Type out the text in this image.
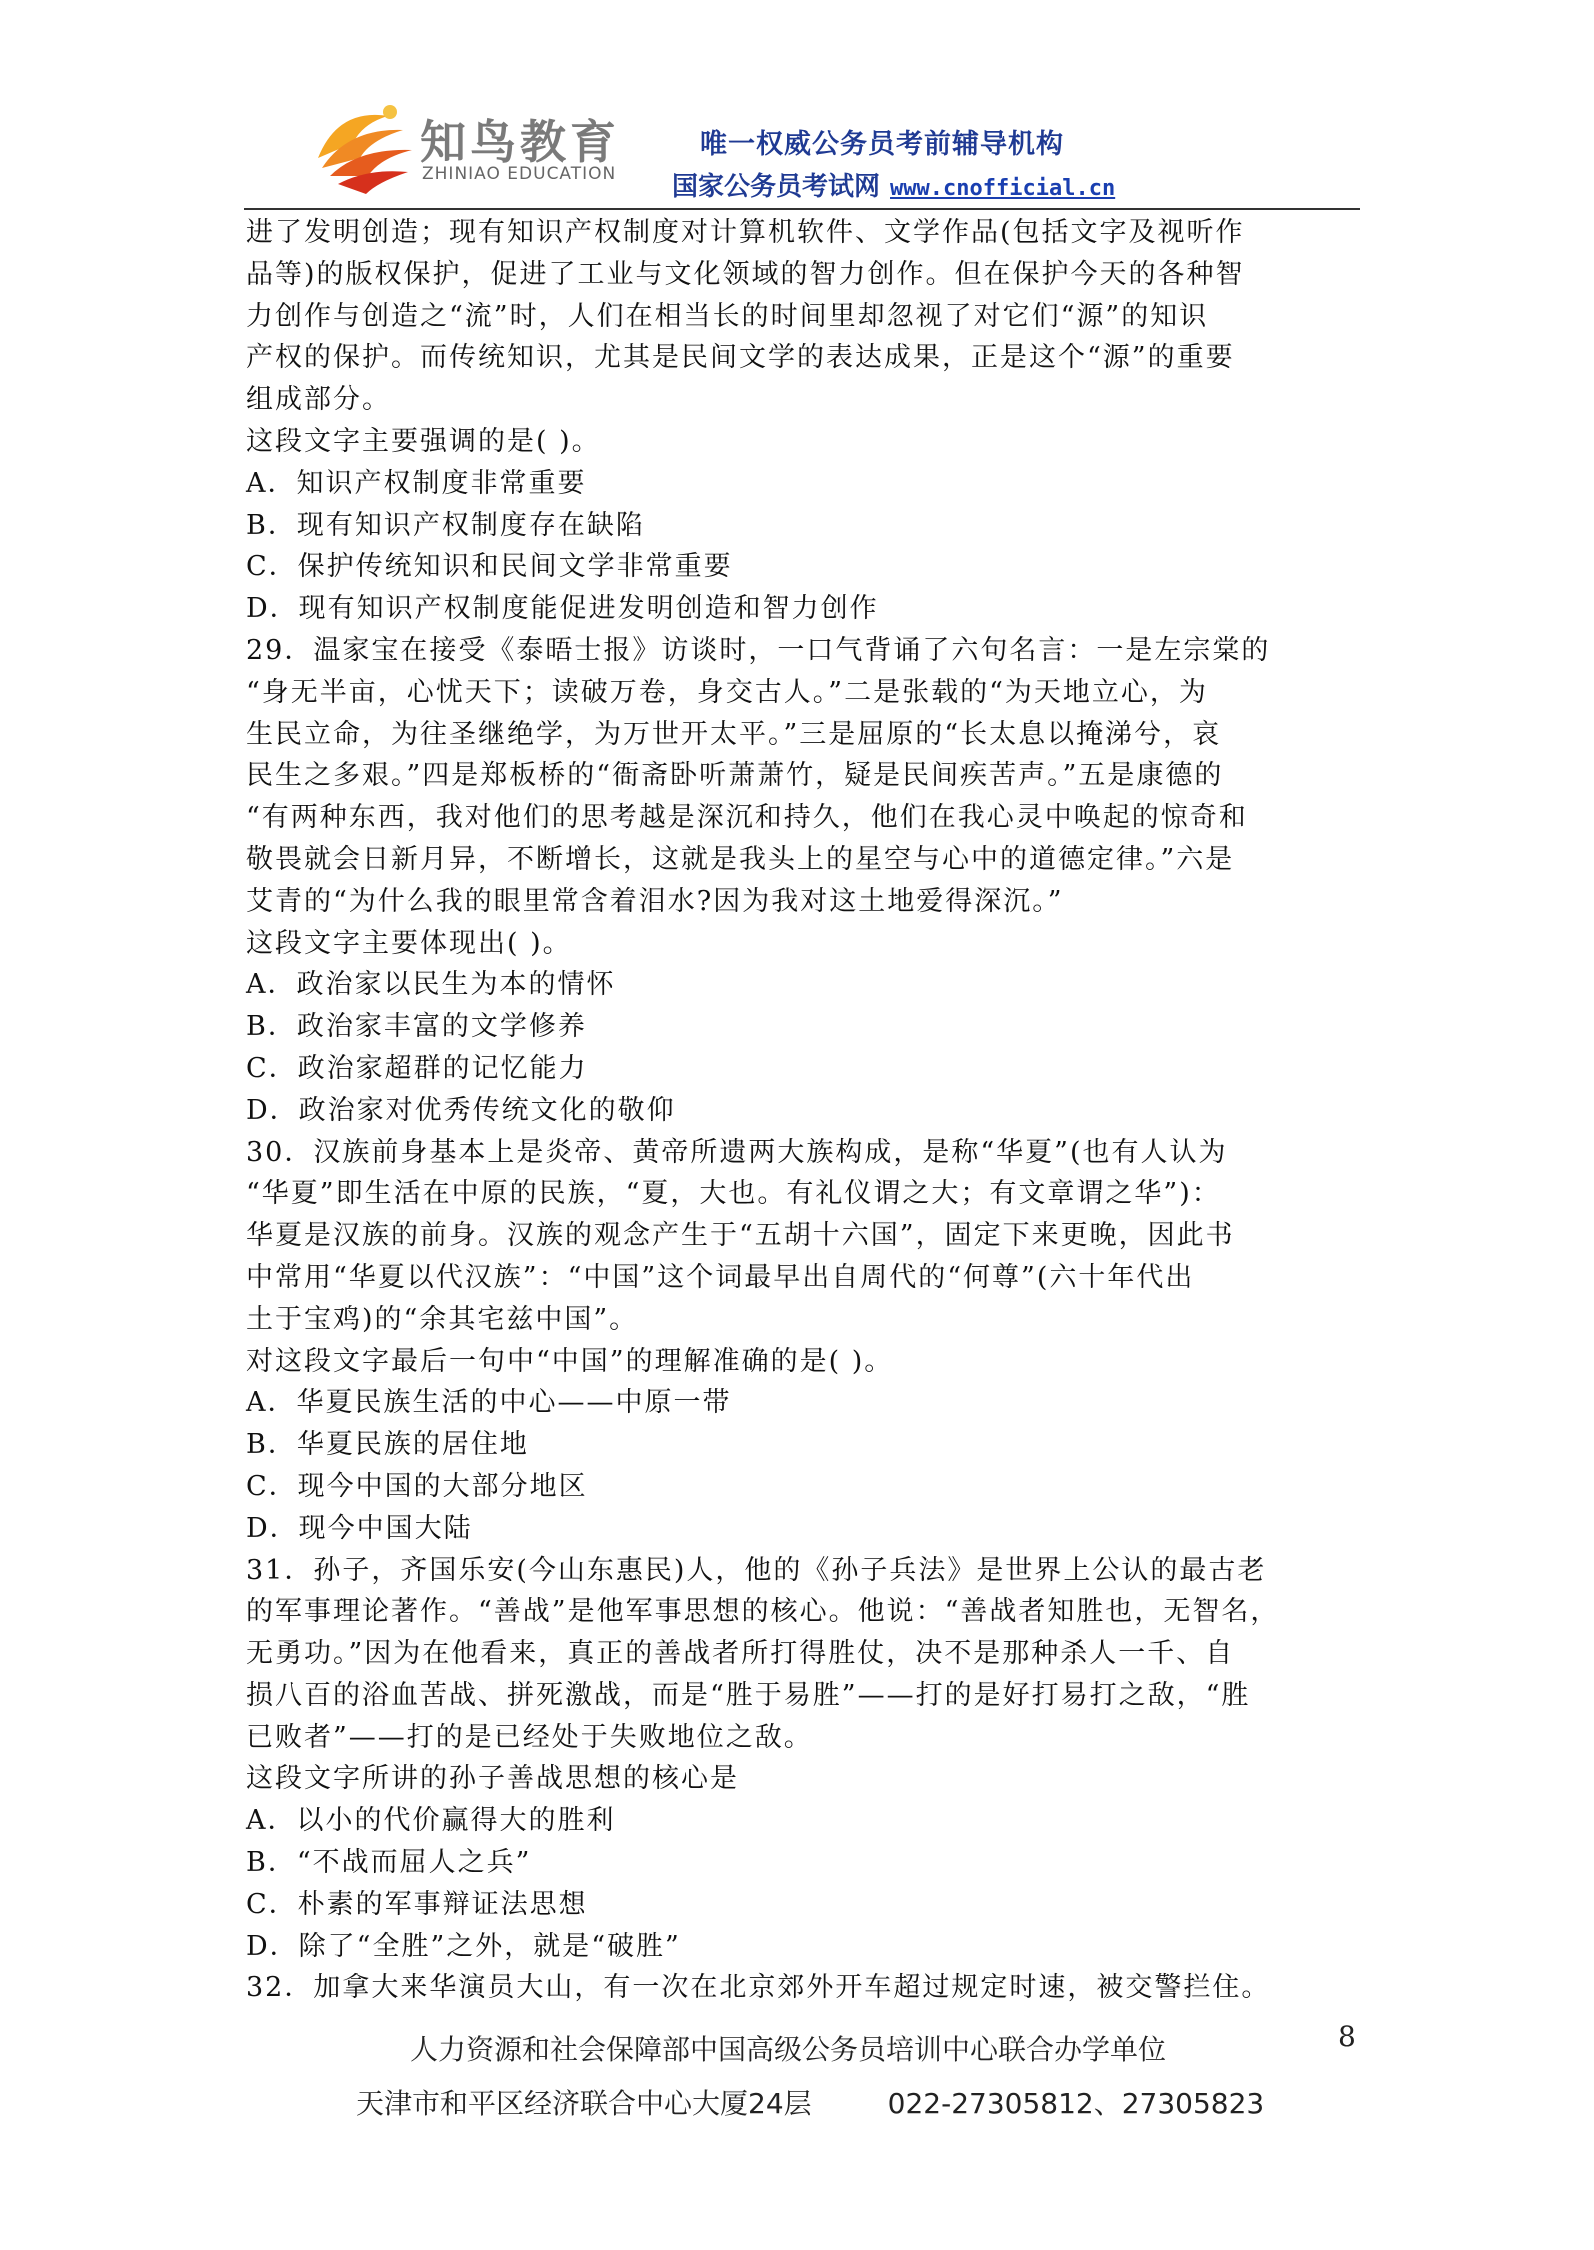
知鸟教育
ZHINIAO EDUCATION
唯一权威公务员考前辅导机构
国家公务员考试网 www.cnofficial.cn
进了发明创造；现有知识产权制度对计算机软件、文学作品(包括文字及视听作
品等)的版权保护，促进了工业与文化领域的智力创作。但在保护今天的各种智
力创作与创造之“流”时，人们在相当长的时间里却忽视了对它们“源”的知识
产权的保护。而传统知识，尤其是民间文学的表达成果，正是这个“源”的重要
组成部分。
这段文字主要强调的是( )。
A．知识产权制度非常重要
B．现有知识产权制度存在缺陷
C．保护传统知识和民间文学非常重要
D．现有知识产权制度能促进发明创造和智力创作
29．温家宝在接受《泰晤士报》访谈时，一口气背诵了六句名言：一是左宗棠的
“身无半亩，心忧天下；读破万卷，身交古人。”二是张载的“为天地立心，为
生民立命，为往圣继绝学，为万世开太平。”三是屈原的“长太息以掩涕兮，哀
民生之多艰。”四是郑板桥的“衙斋卧听萧萧竹，疑是民间疾苦声。”五是康德的
“有两种东西，我对他们的思考越是深沉和持久，他们在我心灵中唤起的惊奇和
敬畏就会日新月异，不断增长，这就是我头上的星空与心中的道德定律。”六是
艾青的“为什么我的眼里常含着泪水?因为我对这土地爱得深沉。”
这段文字主要体现出( )。
A．政治家以民生为本的情怀
B．政治家丰富的文学修养
C．政治家超群的记忆能力
D．政治家对优秀传统文化的敬仰
30．汉族前身基本上是炎帝、黄帝所遗两大族构成，是称“华夏”(也有人认为
“华夏”即生活在中原的民族，“夏，大也。有礼仪谓之大；有文章谓之华”)：
华夏是汉族的前身。汉族的观念产生于“五胡十六国”，固定下来更晚，因此书
中常用“华夏以代汉族”：“中国”这个词最早出自周代的“何尊”(六十年代出
土于宝鸡)的“余其宅兹中国”。
对这段文字最后一句中“中国”的理解准确的是( )。
A．华夏民族生活的中心——中原一带
B．华夏民族的居住地
C．现今中国的大部分地区
D．现今中国大陆
31．孙子，齐国乐安(今山东惠民)人，他的《孙子兵法》是世界上公认的最古老
的军事理论著作。“善战”是他军事思想的核心。他说：“善战者知胜也，无智名，
无勇功。”因为在他看来，真正的善战者所打得胜仗，决不是那种杀人一千、自
损八百的浴血苦战、拼死激战，而是“胜于易胜”——打的是好打易打之敌，“胜
已败者”——打的是已经处于失败地位之敌。
这段文字所讲的孙子善战思想的核心是
A．以小的代价赢得大的胜利
B．“不战而屈人之兵”
C．朴素的军事辩证法思想
D．除了“全胜”之外，就是“破胜”
32．加拿大来华演员大山，有一次在北京郊外开车超过规定时速，被交警拦住。
8
人力资源和社会保障部中国高级公务员培训中心联合办学单位
天津市和平区经济联合中心大厦24层	022-27305812、27305823
